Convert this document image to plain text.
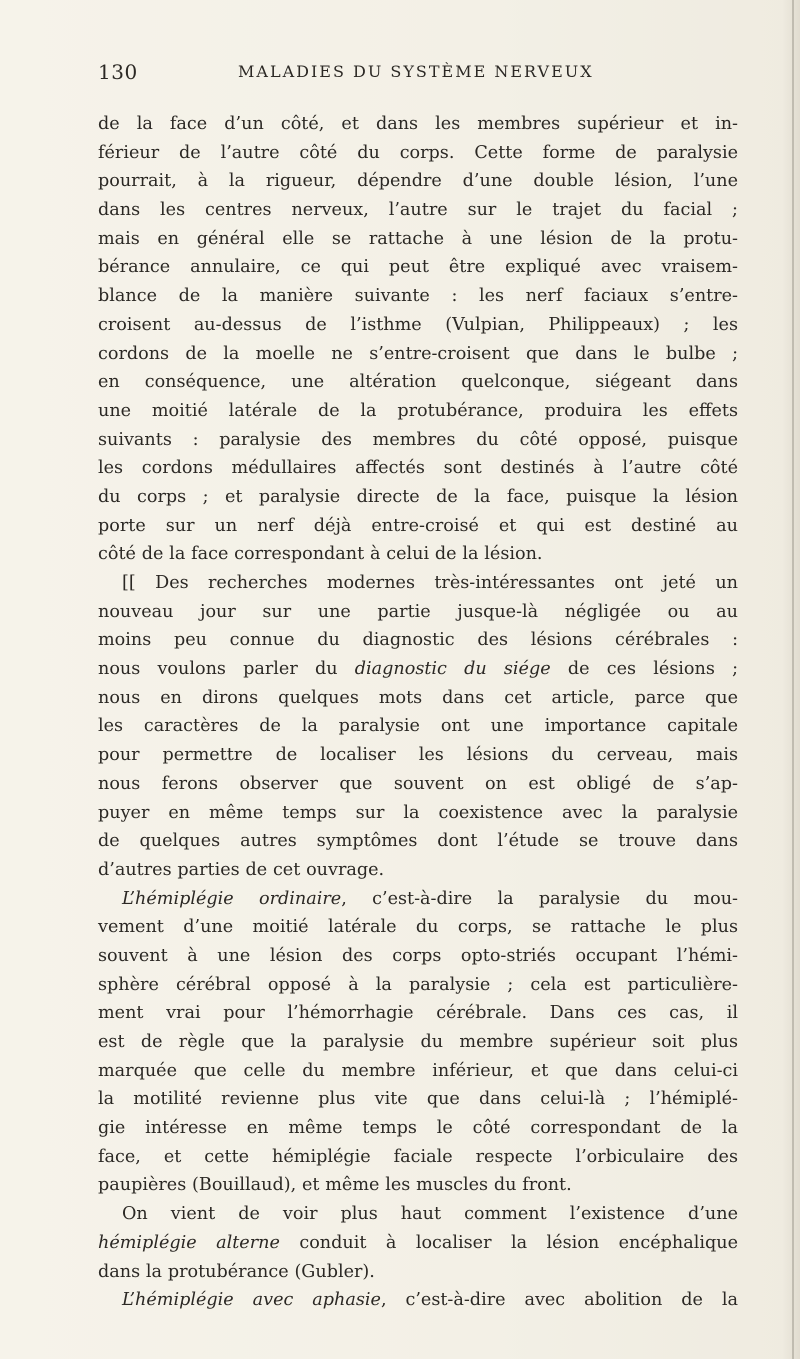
130	MALADIES DU SYSTÈME NERVEUX
de la face d’un côté, et dans les membres supérieur et in-
férieur de l’autre côté du corps. Cette forme de paralysie
pourrait, à la rigueur, dépendre d’une double lésion, l’une
dans les centres nerveux, l’autre sur le trajet du facial ;
mais en général elle se rattache à une lésion de la protu-
bérance annulaire, ce qui peut être expliqué avec vraisem-
blance de la manière suivante : les nerf faciaux s’entre-
croisent au-dessus de l’isthme (Vulpian, Philippeaux) ; les
cordons de la moelle ne s’entre-croisent que dans le bulbe ;
en conséquence, une altération quelconque, siégeant dans
une moitié latérale de la protubérance, produira les effets
suivants : paralysie des membres du côté opposé, puisque
les cordons médullaires affectés sont destinés à l’autre côté
du corps ; et paralysie directe de la face, puisque la lésion
porte sur un nerf déjà entre-croisé et qui est destiné au
côté de la face correspondant à celui de la lésion.
[[ Des recherches modernes très-intéressantes ont jeté un
nouveau jour sur une partie jusque-là négligée ou au
moins peu connue du diagnostic des lésions cérébrales :
nous voulons parler du diagnostic du siége de ces lésions ;
nous en dirons quelques mots dans cet article, parce que
les caractères de la paralysie ont une importance capitale
pour permettre de localiser les lésions du cerveau, mais
nous ferons observer que souvent on est obligé de s’ap-
puyer en même temps sur la coexistence avec la paralysie
de quelques autres symptômes dont l’étude se trouve dans
d’autres parties de cet ouvrage.
L’hémiplégie ordinaire, c’est-à-dire la paralysie du mou-
vement d’une moitié latérale du corps, se rattache le plus
souvent à une lésion des corps opto-striés occupant l’hémi-
sphère cérébral opposé à la paralysie ; cela est particulière-
ment vrai pour l’hémorrhagie cérébrale. Dans ces cas, il
est de règle que la paralysie du membre supérieur soit plus
marquée que celle du membre inférieur, et que dans celui-ci
la motilité revienne plus vite que dans celui-là ; l’hémiplé-
gie intéresse en même temps le côté correspondant de la
face, et cette hémiplégie faciale respecte l’orbiculaire des
paupières (Bouillaud), et même les muscles du front.
On vient de voir plus haut comment l’existence d’une
hémiplégie alterne conduit à localiser la lésion encéphalique
dans la protubérance (Gubler).
L’hémiplégie avec aphasie, c’est-à-dire avec abolition de la
